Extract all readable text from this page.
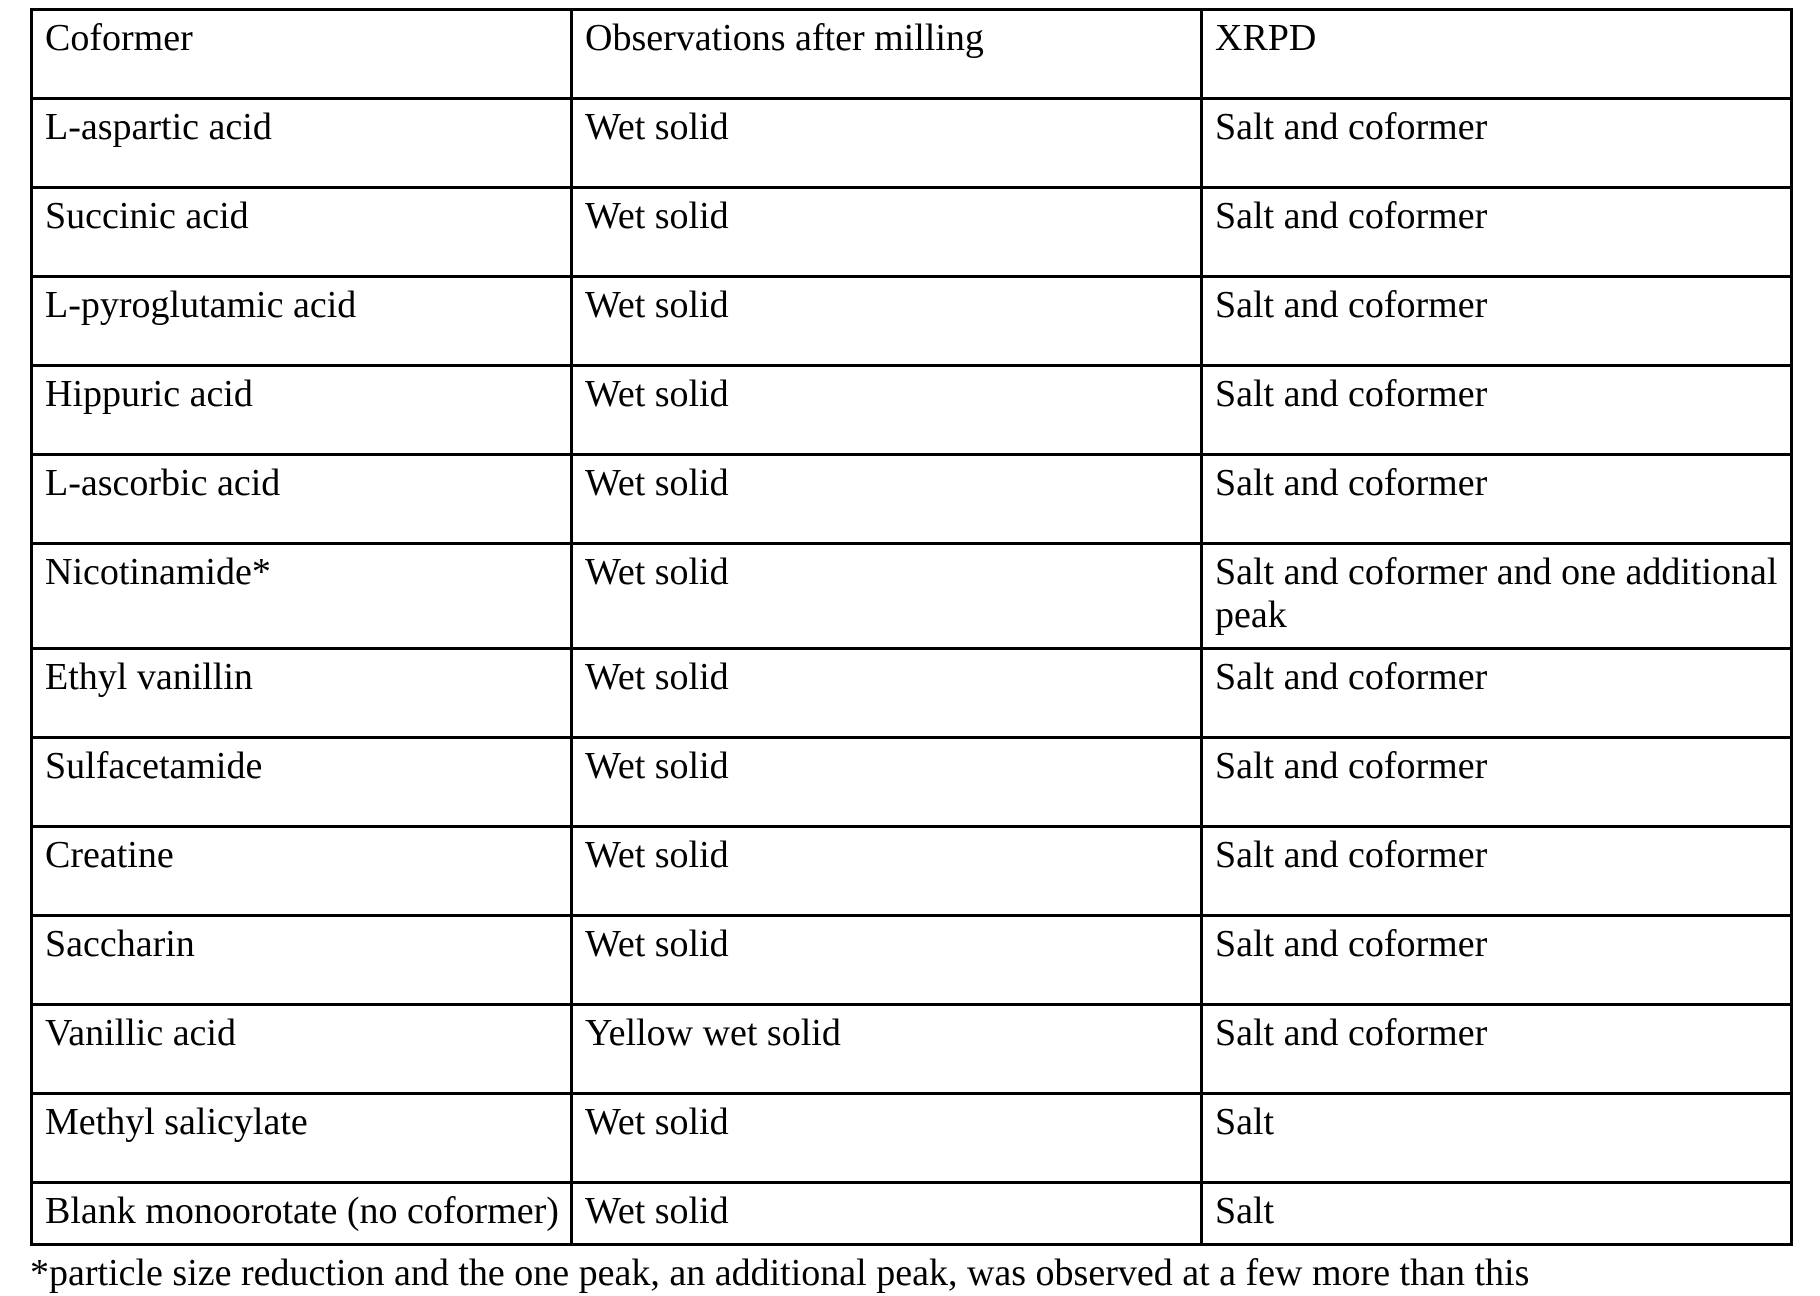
Coformer	Observations after milling	XRPD
L-aspartic acid	Wet solid	Salt and coformer
Succinic acid	Wet solid	Salt and coformer
L-pyroglutamic acid	Wet solid	Salt and coformer
Hippuric acid	Wet solid	Salt and coformer
L-ascorbic acid	Wet solid	Salt and coformer
Nicotinamide*	Wet solid	Salt and coformer and one additional peak
Ethyl vanillin	Wet solid	Salt and coformer
Sulfacetamide	Wet solid	Salt and coformer
Creatine	Wet solid	Salt and coformer
Saccharin	Wet solid	Salt and coformer
Vanillic acid	Yellow wet solid	Salt and coformer
Methyl salicylate	Wet solid	Salt
Blank monoorotate (no coformer)	Wet solid	Salt
*particle size reduction and the one peak, an additional peak, was observed at a few more than this
